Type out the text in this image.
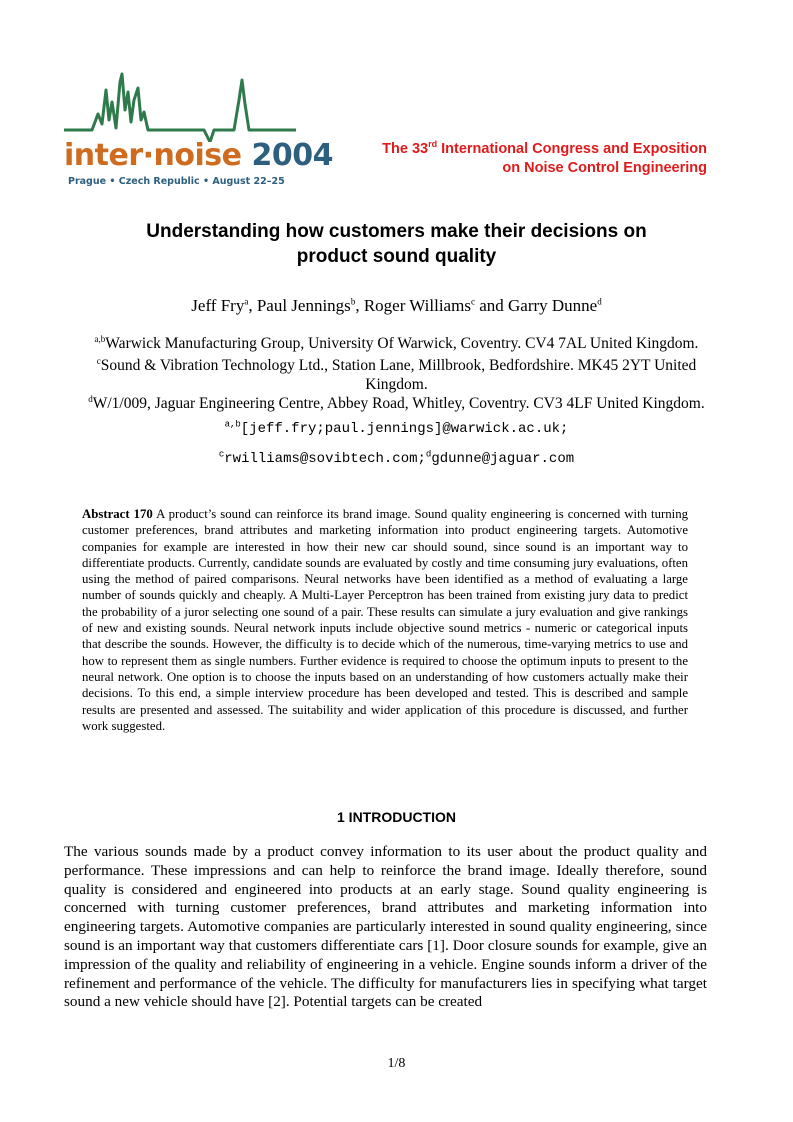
inter·noise 2004
Prague • Czech Republic • August 22–25
The 33rd International Congress and Exposition
on Noise Control Engineering
Understanding how customers make their decisions on
product sound quality
Jeff Fry$^a$, Paul Jennings$^b$, Roger Williams$^c$ and Garry Dunne$^d$
$^{a,b}$Warwick Manufacturing Group, University Of Warwick, Coventry. CV4 7AL United Kingdom.
$^c$Sound & Vibration Technology Ltd., Station Lane, Millbrook, Bedfordshire. MK45 2YT United
Kingdom.
$^d$W/1/009, Jaguar Engineering Centre, Abbey Road, Whitley, Coventry. CV3 4LF United Kingdom.
$^{a,b}$[jeff.fry;paul.jennings]@warwick.ac.uk;
$^c$rwilliams@sovibtech.com;$^d$gdunne@jaguar.com
Abstract 170 A product’s sound can reinforce its brand image. Sound quality engineering is concerned with turning customer preferences, brand attributes and marketing information into product engineering targets. Automotive companies for example are interested in how their new car should sound, since sound is an important way to differentiate products. Currently, candidate sounds are evaluated by costly and time consuming jury evaluations, often using the method of paired comparisons. Neural networks have been identified as a method of evaluating a large number of sounds quickly and cheaply. A Multi-Layer Perceptron has been trained from existing jury data to predict the probability of a juror selecting one sound of a pair. These results can simulate a jury evaluation and give rankings of new and existing sounds. Neural network inputs include objective sound metrics - numeric or categorical inputs that describe the sounds. However, the difficulty is to decide which of the numerous, time-varying metrics to use and how to represent them as single numbers. Further evidence is required to choose the optimum inputs to present to the neural network. One option is to choose the inputs based on an understanding of how customers actually make their decisions. To this end, a simple interview procedure has been developed and tested. This is described and sample results are presented and assessed. The suitability and wider application of this procedure is discussed, and further work suggested.
1 INTRODUCTION
The various sounds made by a product convey information to its user about the product quality and performance. These impressions and can help to reinforce the brand image. Ideally therefore, sound quality is considered and engineered into products at an early stage. Sound quality engineering is concerned with turning customer preferences, brand attributes and marketing information into engineering targets. Automotive companies are particularly interested in sound quality engineering, since sound is an important way that customers differentiate cars [1]. Door closure sounds for example, give an impression of the quality and reliability of engineering in a vehicle. Engine sounds inform a driver of the refinement and performance of the vehicle. The difficulty for manufacturers lies in specifying what target sound a new vehicle should have [2]. Potential targets can be created
1/8
